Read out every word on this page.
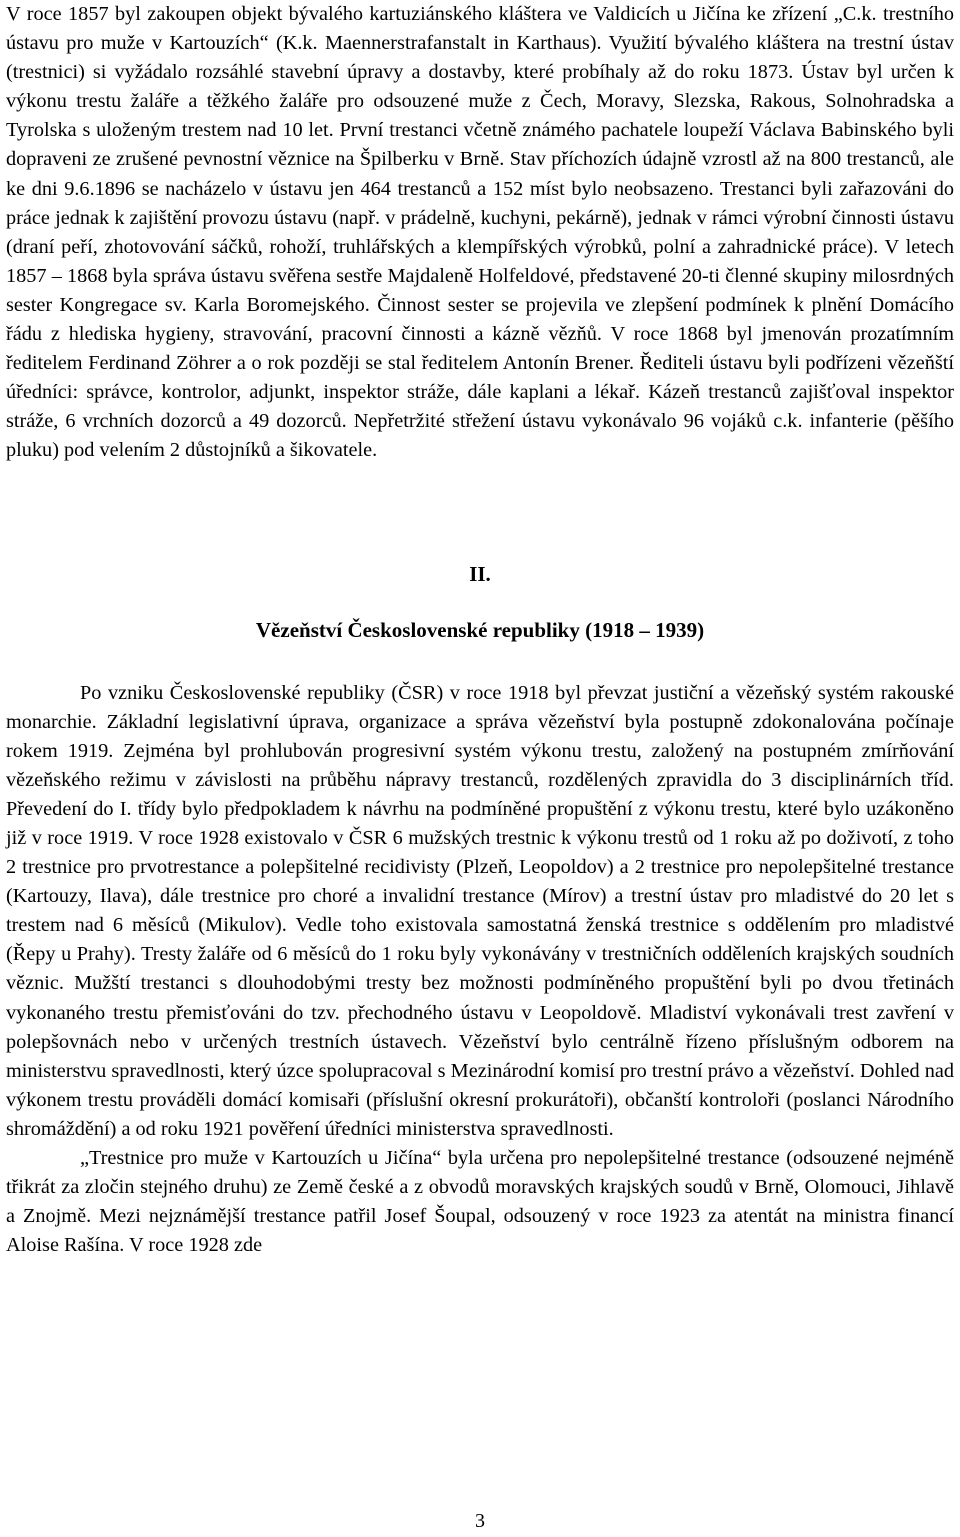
V roce 1857 byl zakoupen objekt bývalého kartuziánského kláštera ve Valdicích u Jičína ke zřízení „C.k. trestního ústavu pro muže v Kartouzích“ (K.k. Maennerstrafanstalt in Karthaus). Využití bývalého kláštera na trestní ústav (trestnici) si vyžádalo rozsáhlé stavební úpravy a dostavby, které probíhaly až do roku 1873. Ústav byl určen k výkonu trestu žaláře a těžkého žaláře pro odsouzené muže z Čech, Moravy, Slezska, Rakous, Solnohradska a Tyrolska s uloženým trestem nad 10 let. První trestanci včetně známého pachatele loupeží Václava Babinského byli dopraveni ze zrušené pevnostní věznice na Špilberku v Brně. Stav příchozích údajně vzrostl až na 800 trestanců, ale ke dni 9.6.1896 se nacházelo v ústavu jen 464 trestanců a 152 míst bylo neobsazeno. Trestanci byli zařazováni do práce jednak k zajištění provozu ústavu (např. v prádelně, kuchyni, pekárně), jednak v rámci výrobní činnosti ústavu (draní peří, zhotovování sáčků, rohoží, truhlářských a klempířských výrobků, polní a zahradnické práce). V letech 1857 – 1868 byla správa ústavu svěřena sestře Majdaleně Holfeldové, představené 20-ti členné skupiny milosrdných sester Kongregace sv. Karla Boromejského. Činnost sester se projevila ve zlepšení podmínek k plnění Domácího řádu z hlediska hygieny, stravování, pracovní činnosti a kázně vězňů. V roce 1868 byl jmenován prozatímním ředitelem Ferdinand Zöhrer a o rok později se stal ředitelem Antonín Brener. Řediteli ústavu byli podřízeni vězeňští úředníci: správce, kontrolor, adjunkt, inspektor stráže, dále kaplani a lékař. Kázeň trestanců zajišťoval inspektor stráže, 6 vrchních dozorců a 49 dozorců. Nepřetržité střežení ústavu vykonávalo 96 vojáků c.k. infanterie (pěšího pluku) pod velením 2 důstojníků a šikovatele.

II.
Vězeňství Československé republiky (1918 – 1939)

Po vzniku Československé republiky (ČSR) v roce 1918 byl převzat justiční a vězeňský systém rakouské monarchie. Základní legislativní úprava, organizace a správa vězeňství byla postupně zdokonalována počínaje rokem 1919. Zejména byl prohlubován progresivní systém výkonu trestu, založený na postupném zmírňování vězeňského režimu v závislosti na průběhu nápravy trestanců, rozdělených zpravidla do 3 disciplinárních tříd. Převedení do I. třídy bylo předpokladem k návrhu na podmíněné propuštění z výkonu trestu, které bylo uzákoněno již v roce 1919. V roce 1928 existovalo v ČSR 6 mužských trestnic k výkonu trestů od 1 roku až po doživotí, z toho 2 trestnice pro prvotrestance a polepšitelné recidivisty (Plzeň, Leopoldov) a 2 trestnice pro nepolepšitelné trestance (Kartouzy, Ilava), dále trestnice pro choré a invalidní trestance (Mírov) a trestní ústav pro mladistvé do 20 let s trestem nad 6 měsíců (Mikulov). Vedle toho existovala samostatná ženská trestnice s oddělením pro mladistvé (Řepy u Prahy). Tresty žaláře od 6 měsíců do 1 roku byly vykonávány v trestničních odděleních krajských soudních věznic. Mužští trestanci s dlouhodobými tresty bez možnosti podmíněného propuštění byli po dvou třetinách vykonaného trestu přemisťováni do tzv. přechodného ústavu v Leopoldově. Mladiství vykonávali trest zavření v polepšovnách nebo v určených trestních ústavech. Vězeňství bylo centrálně řízeno příslušným odborem na ministerstvu spravedlnosti, který úzce spolupracoval s Mezinárodní komisí pro trestní právo a vězeňství. Dohled nad výkonem trestu prováděli domácí komisaři (příslušní okresní prokurátoři), občanští kontroloři (poslanci Národního shromáždění) a od roku 1921 pověření úředníci ministerstva spravedlnosti.

„Trestnice pro muže v Kartouzích u Jičína“ byla určena pro nepolepšitelné trestance (odsouzené nejméně třikrát za zločin stejného druhu) ze Země české a z obvodů moravských krajských soudů v Brně, Olomouci, Jihlavě a Znojmě. Mezi nejznámější trestance patřil Josef Šoupal, odsouzený v roce 1923 za atentát na ministra financí Aloise Rašína. V roce 1928 zde

3
